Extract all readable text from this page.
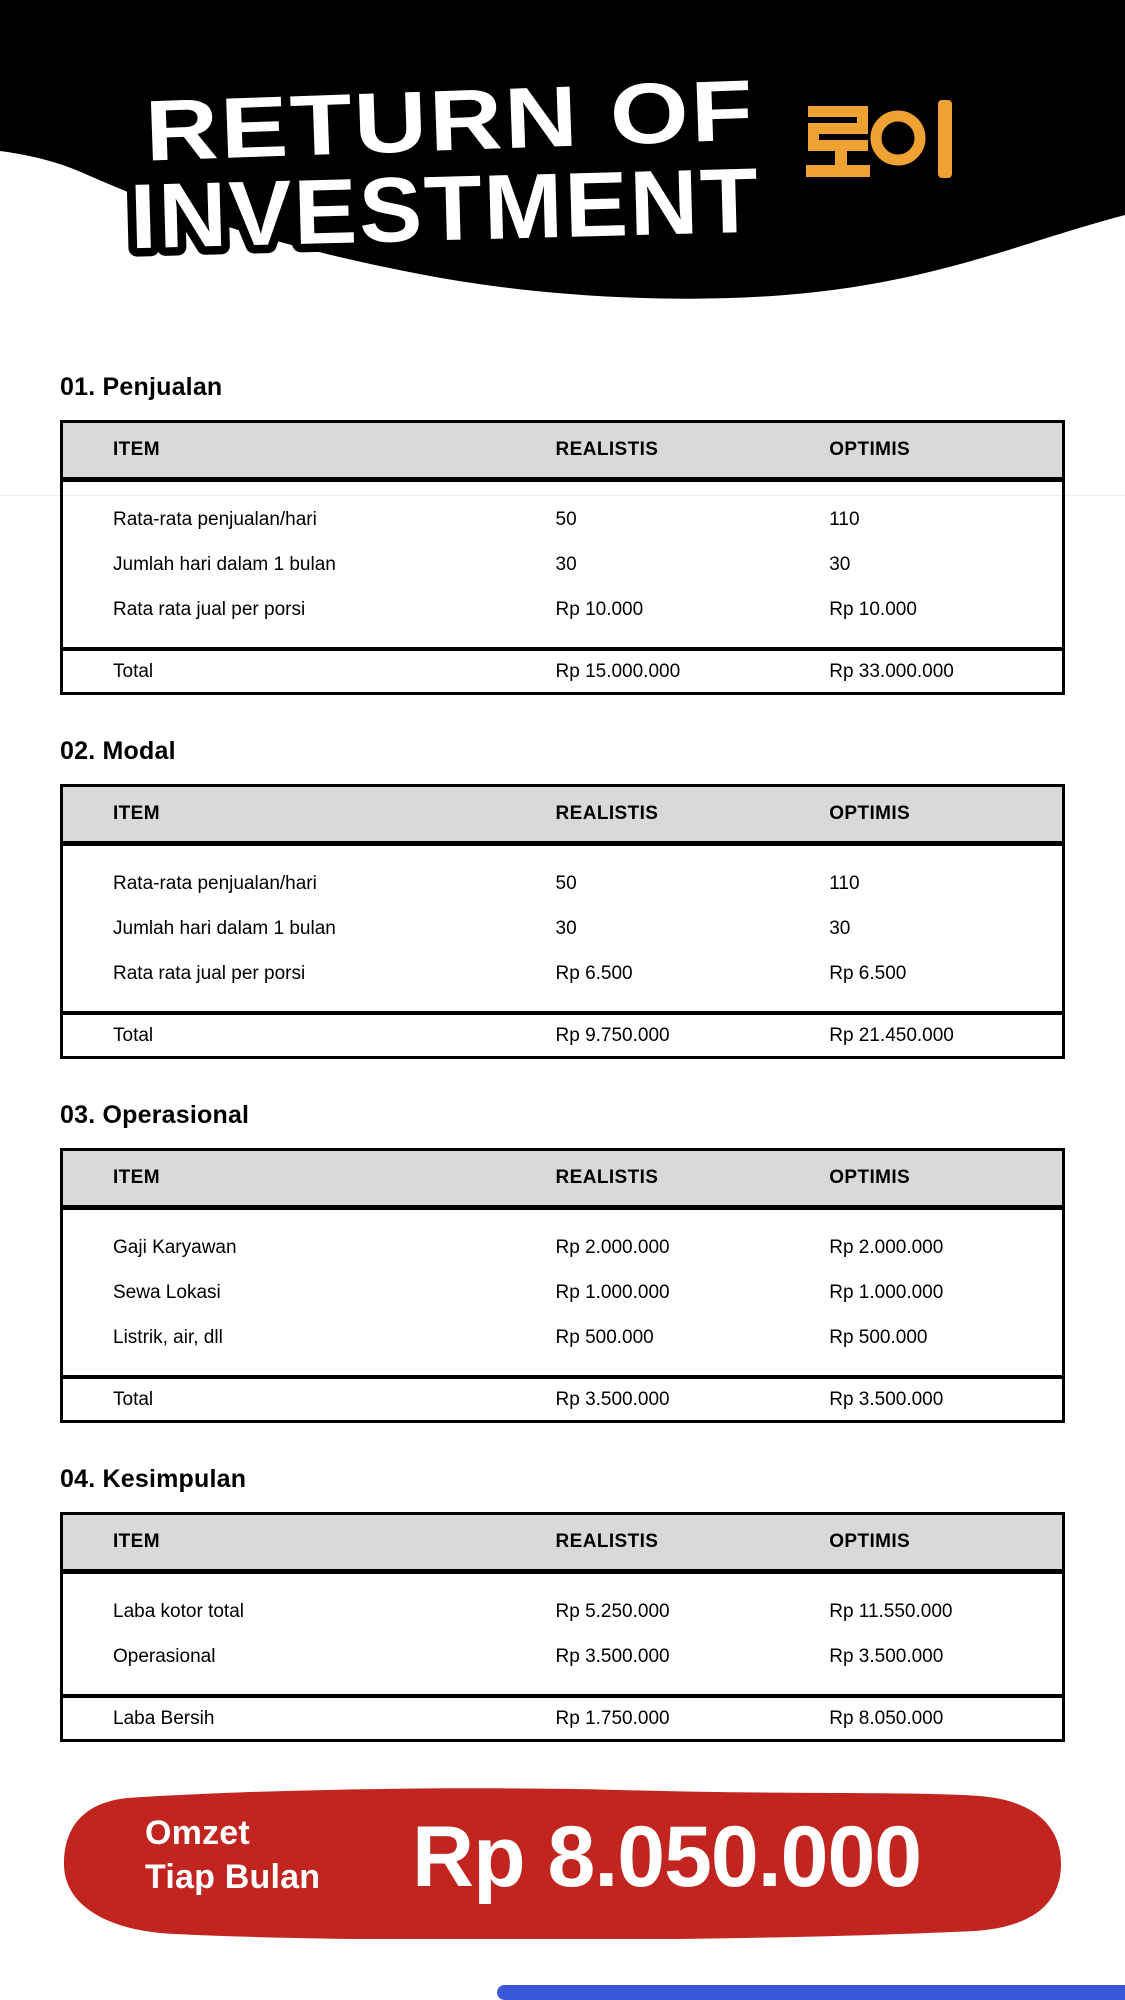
RETURN OF
INVESTMENT
01. Penjualan
ITEM	REALISTIS	OPTIMIS
Rata-rata penjualan/hari	50	110
Jumlah hari dalam 1 bulan	30	30
Rata rata jual per porsi	Rp 10.000	Rp 10.000
Total	Rp 15.000.000	Rp 33.000.000
02. Modal
ITEM	REALISTIS	OPTIMIS
Rata-rata penjualan/hari	50	110
Jumlah hari dalam 1 bulan	30	30
Rata rata jual per porsi	Rp 6.500	Rp 6.500
Total	Rp 9.750.000	Rp 21.450.000
03. Operasional
ITEM	REALISTIS	OPTIMIS
Gaji Karyawan	Rp 2.000.000	Rp 2.000.000
Sewa Lokasi	Rp 1.000.000	Rp 1.000.000
Listrik, air, dll	Rp 500.000	Rp 500.000
Total	Rp 3.500.000	Rp 3.500.000
04. Kesimpulan
ITEM	REALISTIS	OPTIMIS
Laba kotor total	Rp 5.250.000	Rp 11.550.000
Operasional	Rp 3.500.000	Rp 3.500.000
Laba Bersih	Rp 1.750.000	Rp 8.050.000
Omzet
Tiap Bulan Rp 8.050.000
